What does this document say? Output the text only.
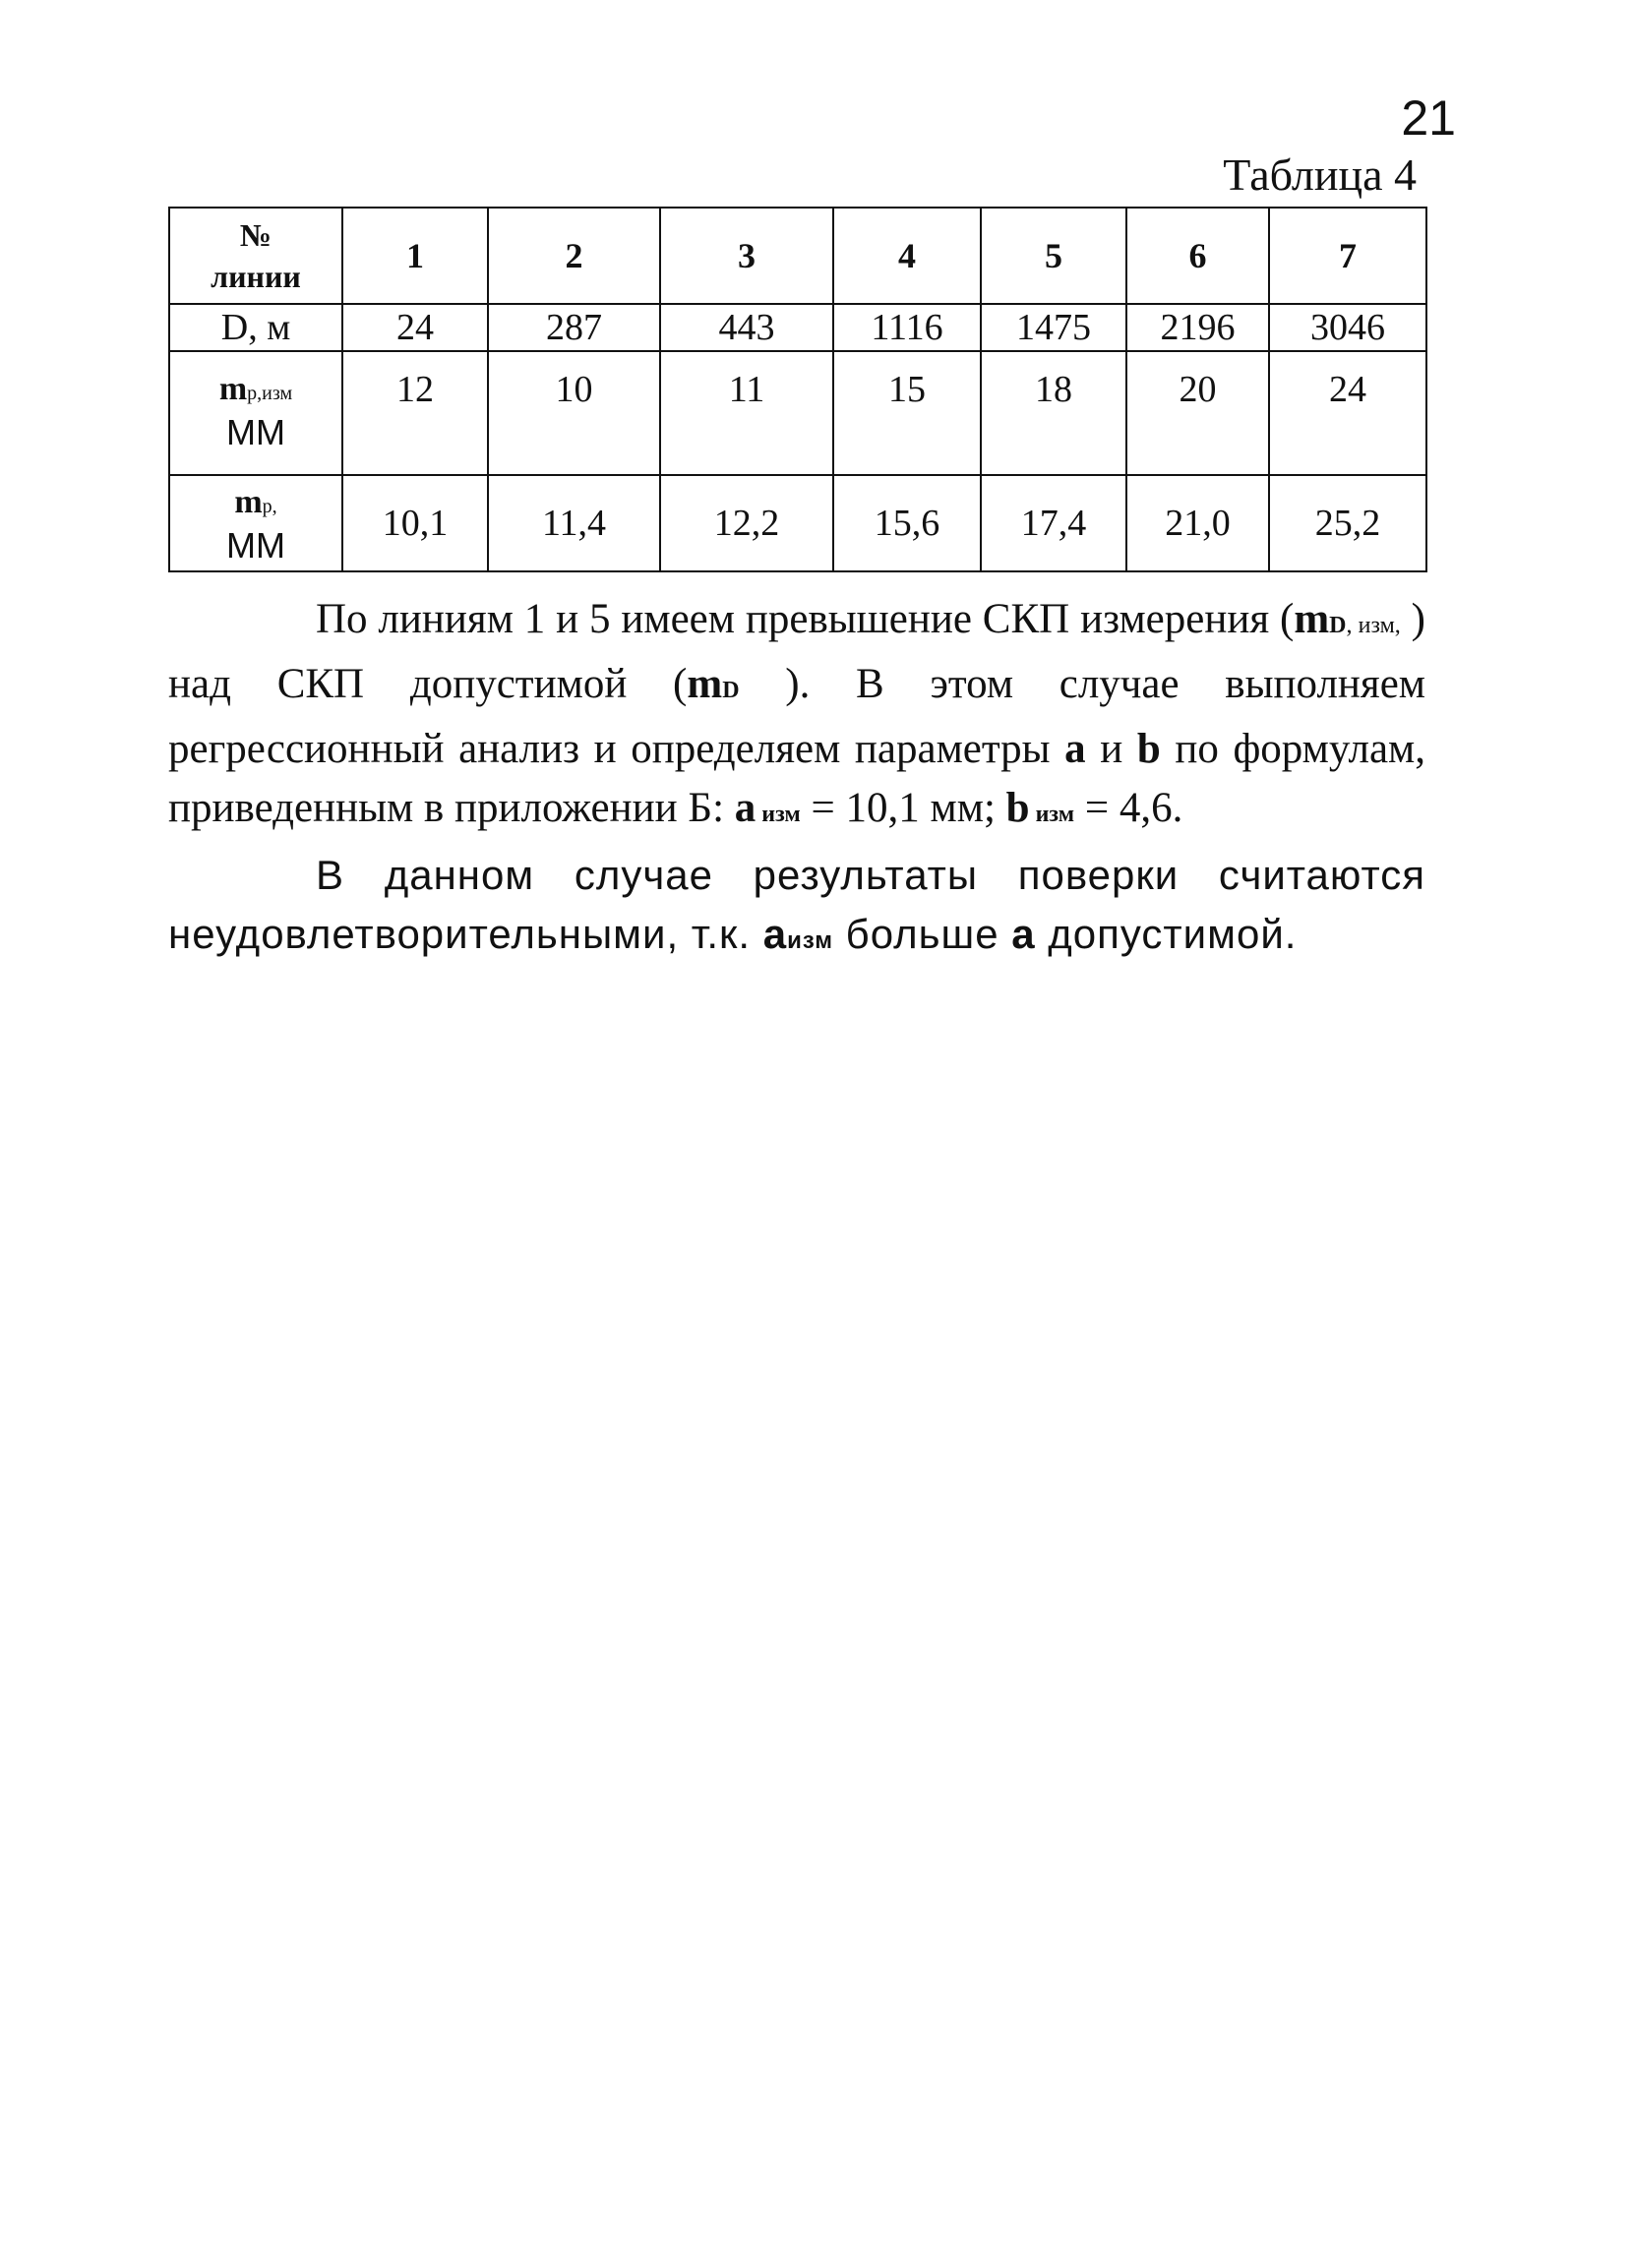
21
Таблица 4
№
линии	1	2	3	4	5	6	7
D, м	24	287	443	1116	1475	2196	3046
mр,изм
ММ	12	10	11	15	18	20	24
mр,
ММ	10,1	11,4	12,2	15,6	17,4	21,0	25,2

По линиям 1 и 5 имеем превышение СКП измерения (mD, изм, ) над СКП допустимой (mD ). В этом случае выполняем регрессионный анализ и определяем параметры a и b по формулам, приведенным в приложении Б: а изм = 10,1 мм; b изм = 4,6.

В данном случае результаты поверки считаются неудовлетворительными, т.к. аизм больше а допустимой.
